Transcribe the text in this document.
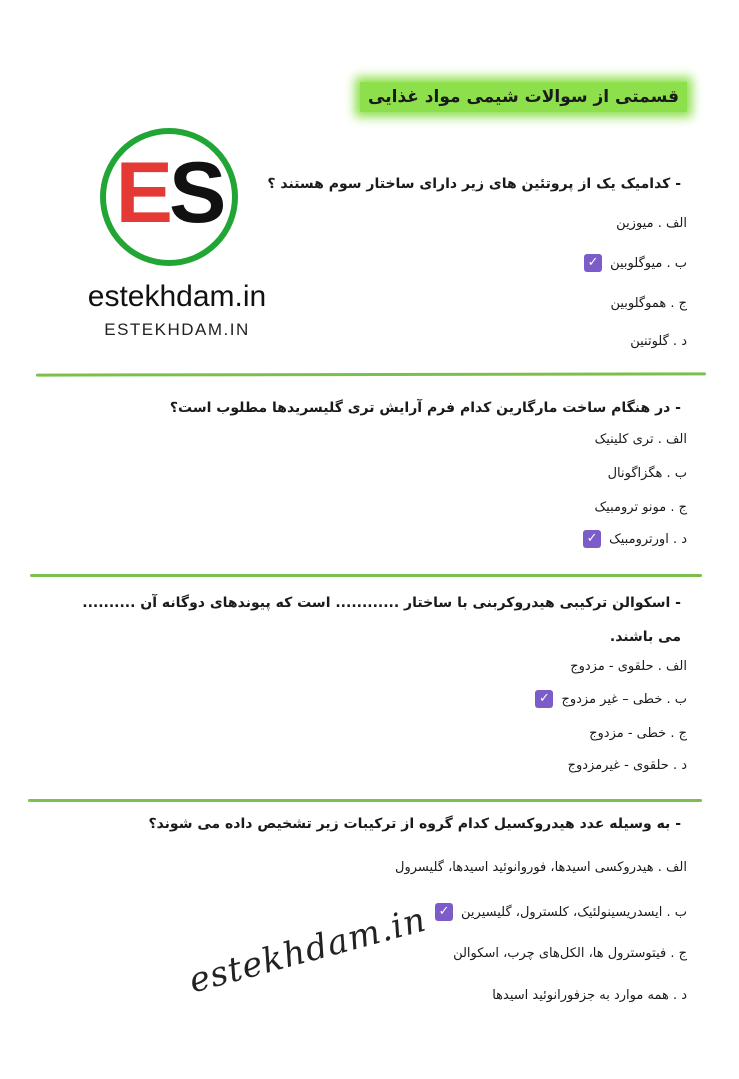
قسمتی از سوالات شیمی مواد غذایی
ES
estekhdam.in
ESTEKHDAM.IN
- کدامیک یک از پروتئین های زیر دارای ساختار سوم هستند ؟
الف . میوزین
ب . میوگلوبین
✓
ج . هموگلوبین
د . گلوتنین
- در هنگام ساخت مارگارین کدام فرم آرایش تری گلیسریدها مطلوب است؟
الف . تری کلینیک
ب . هگزاگونال
ج . مونو ترومبیک
د . اورترومبیک
✓
- اسکوالن ترکیبی هیدروکربنی با ساختار ............ است که پیوندهای دوگانه آن .......... می باشند.
الف . حلقوی - مزدوج
ب . خطی – غیر مزدوج
✓
ج . خطی - مزدوج
د . حلقوی - غیرمزدوج
- به وسیله عدد هیدروکسیل کدام گروه از ترکیبات زیر تشخیص داده می شوند؟
الف . هیدروکسی اسیدها، فوروانوئید اسیدها، گلیسرول
ب . ایسدریسینولئیک، کلسترول، گلیسیرین
✓
ج . فیتوسترول ها، الکل‌های چرب، اسکوالن
د . همه موارد به جزفورانوئید اسیدها
estekhdam.in
